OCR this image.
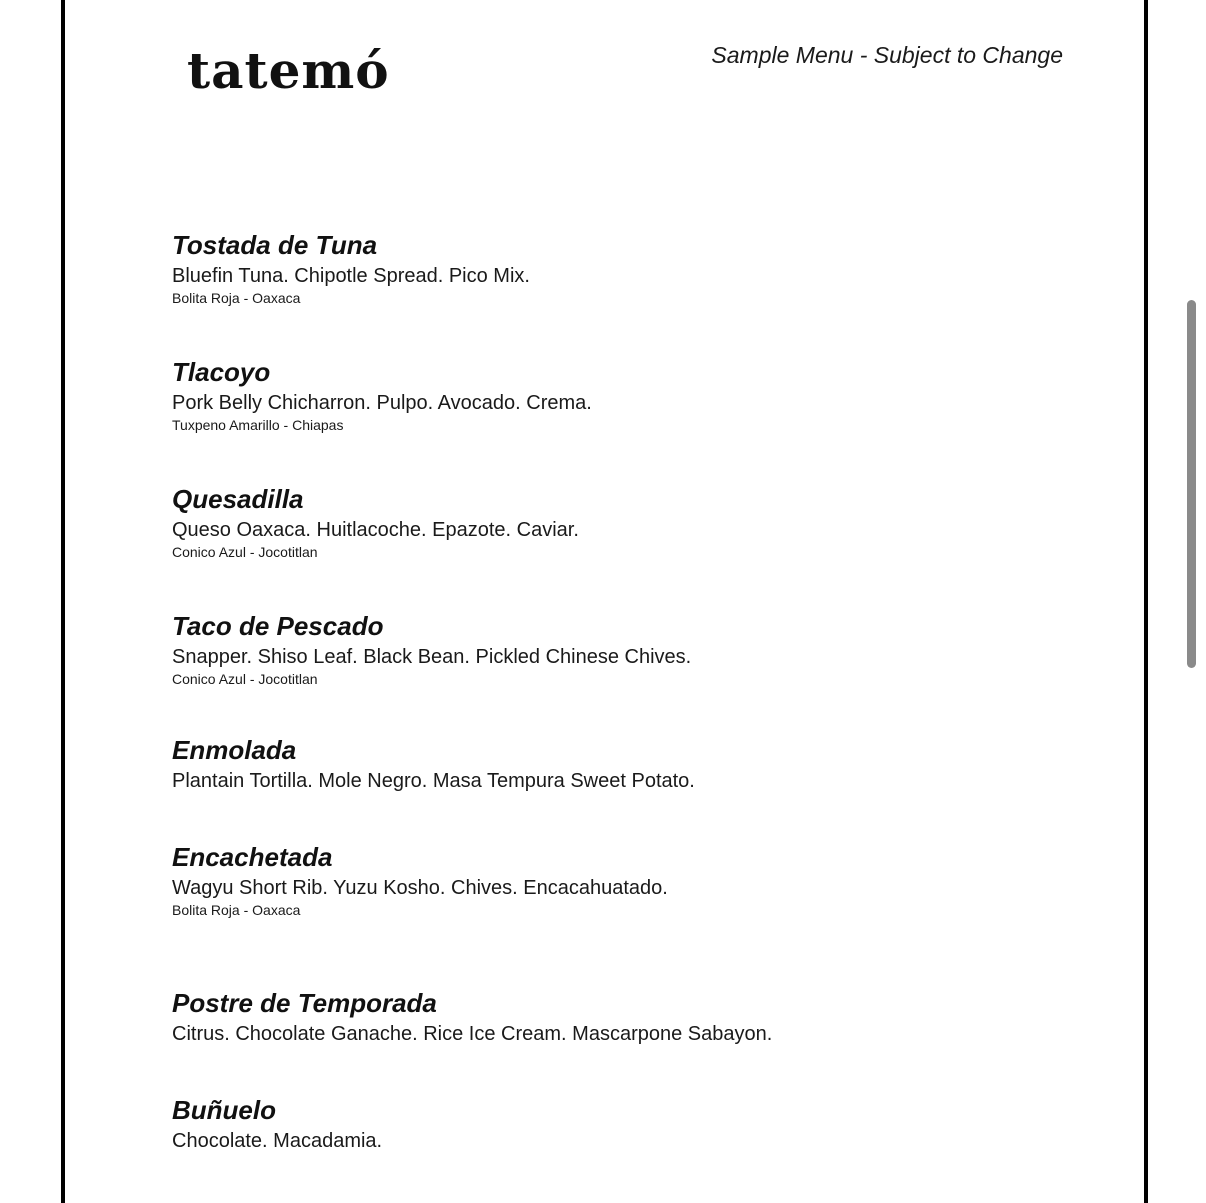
tatemó	Sample Menu - Subject to Change
Tostada de Tuna
Bluefin Tuna. Chipotle Spread. Pico Mix.
Bolita Roja - Oaxaca
Tlacoyo
Pork Belly Chicharron. Pulpo. Avocado. Crema.
Tuxpeno Amarillo - Chiapas
Quesadilla
Queso Oaxaca. Huitlacoche. Epazote. Caviar.
Conico Azul - Jocotitlan
Taco de Pescado
Snapper. Shiso Leaf. Black Bean. Pickled Chinese Chives.
Conico Azul - Jocotitlan
Enmolada
Plantain Tortilla. Mole Negro. Masa Tempura Sweet Potato.
Encachetada
Wagyu Short Rib. Yuzu Kosho. Chives. Encacahuatado.
Bolita Roja - Oaxaca
Postre de Temporada
Citrus. Chocolate Ganache. Rice Ice Cream. Mascarpone Sabayon.
Buñuelo
Chocolate. Macadamia.
